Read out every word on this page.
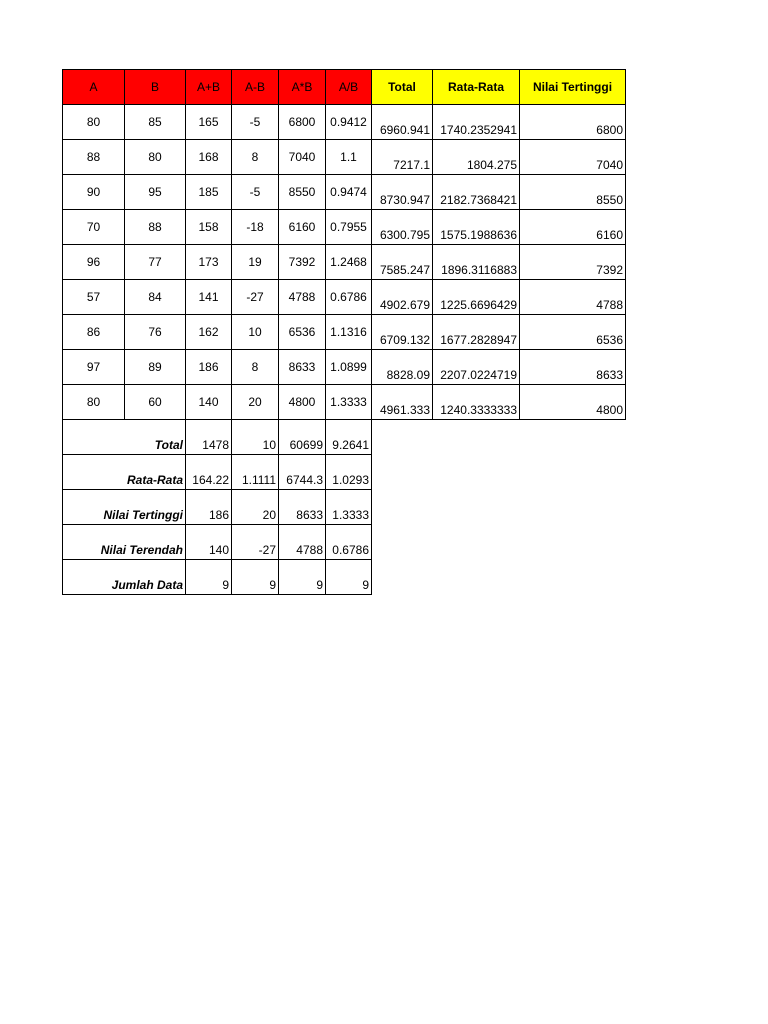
A	B	A+B	A-B	A*B	A/B	Total	Rata-Rata	Nilai Tertinggi
80	85	165	-5	6800	0.9412	6960.941	1740.2352941	6800
88	80	168	8	7040	1.1	7217.1	1804.275	7040
90	95	185	-5	8550	0.9474	8730.947	2182.7368421	8550
70	88	158	-18	6160	0.7955	6300.795	1575.1988636	6160
96	77	173	19	7392	1.2468	7585.247	1896.3116883	7392
57	84	141	-27	4788	0.6786	4902.679	1225.6696429	4788
86	76	162	10	6536	1.1316	6709.132	1677.2828947	6536
97	89	186	8	8633	1.0899	8828.09	2207.0224719	8633
80	60	140	20	4800	1.3333	4961.333	1240.3333333	4800
Total		1478	10	60699	9.2641			
Rata-Rata		164.22	1.1111	6744.3	1.0293			
Nilai Tertinggi		186	20	8633	1.3333			
Nilai Terendah		140	-27	4788	0.6786			
Jumlah Data		9	9	9	9			
